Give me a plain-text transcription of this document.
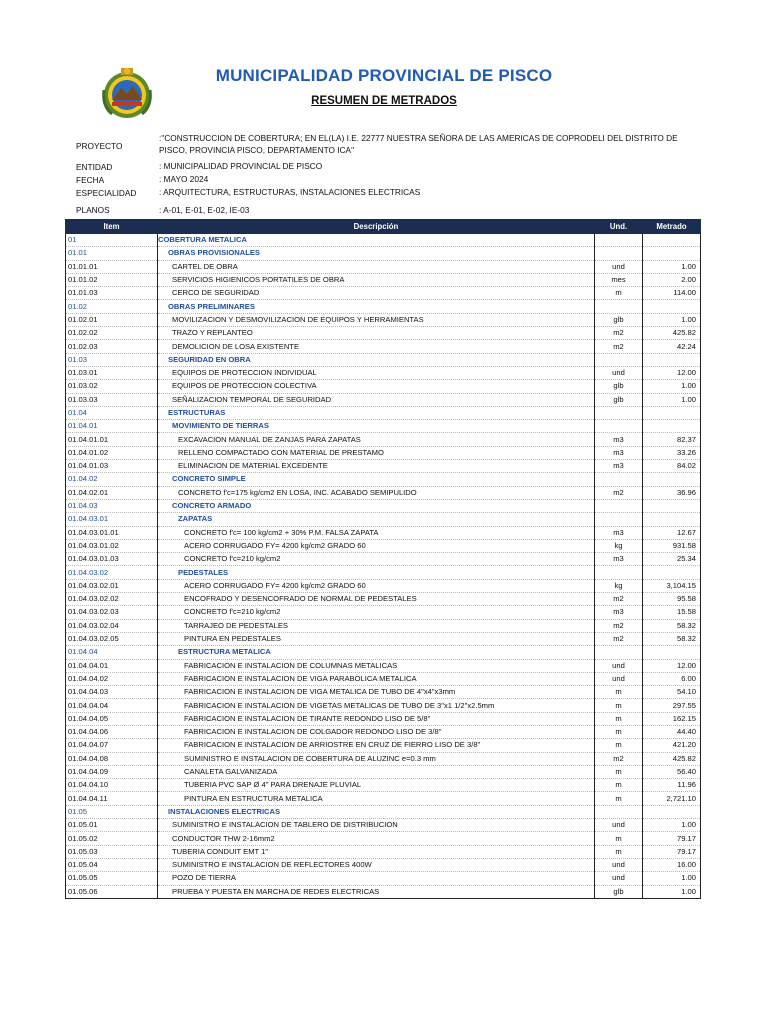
MUNICIPALIDAD PROVINCIAL DE PISCO
RESUMEN DE METRADOS
PROYECTO
:"CONSTRUCCION DE COBERTURA; EN EL(LA) I.E. 22777 NUESTRA SEÑORA DE LAS AMERICAS DE COPRODELI DEL DISTRITO DE PISCO, PROVINCIA PISCO, DEPARTAMENTO ICA"
ENTIDAD	: MUNICIPALIDAD PROVINCIAL DE PISCO
FECHA	: MAYO 2024
ESPECIALIDAD	: ARQUITECTURA, ESTRUCTURAS, INSTALACIONES ELECTRICAS
PLANOS	: A-01, E-01, E-02, IE-03
Item	Descripción	Und.	Metrado
01	COBERTURA METALICA		
01.01	OBRAS PROVISIONALES		
01.01.01	CARTEL DE OBRA	und	1.00
01.01.02	SERVICIOS HIGIENICOS PORTATILES DE OBRA	mes	2.00
01.01.03	CERCO DE SEGURIDAD	m	114.00
01.02	OBRAS PRELIMINARES		
01.02.01	MOVILIZACION Y DESMOVILIZACION DE EQUIPOS Y HERRAMIENTAS	glb	1.00
01.02.02	TRAZO Y REPLANTEO	m2	425.82
01.02.03	DEMOLICION DE LOSA EXISTENTE	m2	42.24
01.03	SEGURIDAD EN OBRA		
01.03.01	EQUIPOS DE PROTECCION INDIVIDUAL	und	12.00
01.03.02	EQUIPOS DE PROTECCION COLECTIVA	glb	1.00
01.03.03	SEÑALIZACION TEMPORAL DE SEGURIDAD	glb	1.00
01.04	ESTRUCTURAS		
01.04.01	MOVIMIENTO DE TIERRAS		
01.04.01.01	EXCAVACION MANUAL DE ZANJAS PARA ZAPATAS	m3	82.37
01.04.01.02	RELLENO COMPACTADO CON MATERIAL DE PRESTAMO	m3	33.26
01.04.01.03	ELIMINACION DE MATERIAL EXCEDENTE	m3	84.02
01.04.02	CONCRETO SIMPLE		
01.04.02.01	CONCRETO f'c=175 kg/cm2 EN LOSA, INC. ACABADO SEMIPULIDO	m2	36.96
01.04.03	CONCRETO ARMADO		
01.04.03.01	ZAPATAS		
01.04.03.01.01	CONCRETO f'c= 100 kg/cm2 + 30% P.M. FALSA ZAPATA	m3	12.67
01.04.03.01.02	ACERO CORRUGADO FY= 4200 kg/cm2 GRADO 60	kg	931.58
01.04.03.01.03	CONCRETO f'c=210 kg/cm2	m3	25.34
01.04.03.02	PEDESTALES		
01.04.03.02.01	ACERO CORRUGADO FY= 4200 kg/cm2 GRADO 60	kg	3,104.15
01.04.03.02.02	ENCOFRADO Y DESENCOFRADO DE NORMAL DE PEDESTALES	m2	95.58
01.04.03.02.03	CONCRETO f'c=210 kg/cm2	m3	15.58
01.04.03.02.04	TARRAJEO DE PEDESTALES	m2	58.32
01.04.03.02.05	PINTURA EN PEDESTALES	m2	58.32
01.04.04	ESTRUCTURA METALICA		
01.04.04.01	FABRICACION E INSTALACION DE COLUMNAS METALICAS	und	12.00
01.04.04.02	FABRICACION E INSTALACION DE VIGA PARABOLICA METALICA	und	6.00
01.04.04.03	FABRICACION E INSTALACION DE VIGA METALICA DE TUBO DE 4"x4"x3mm	m	54.10
01.04.04.04	FABRICACION E INSTALACION DE VIGETAS METALICAS DE TUBO DE 3"x1 1/2"x2.5mm	m	297.55
01.04.04.05	FABRICACION E INSTALACION DE TIRANTE REDONDO LISO DE 5/8"	m	162.15
01.04.04.06	FABRICACION E INSTALACION DE COLGADOR REDONDO LISO DE 3/8"	m	44.40
01.04.04.07	FABRICACION E INSTALACION DE ARRIOSTRE EN CRUZ DE FIERRO LISO DE 3/8"	m	421.20
01.04.04.08	SUMINISTRO E INSTALACION DE COBERTURA DE ALUZINC e=0.3 mm	m2	425.82
01.04.04.09	CANALETA GALVANIZADA	m	56.40
01.04.04.10	TUBERIA PVC SAP Ø 4" PARA DRENAJE PLUVIAL	m	11.96
01.04.04.11	PINTURA EN ESTRUCTURA METALICA	m	2,721.10
01.05	INSTALACIONES ELECTRICAS		
01.05.01	SUMINISTRO E INSTALACION DE TABLERO DE DISTRIBUCION	und	1.00
01.05.02	CONDUCTOR THW 2-16mm2	m	79.17
01.05.03	TUBERIA CONDUIT EMT 1"	m	79.17
01.05.04	SUMINISTRO E INSTALACION DE REFLECTORES 400W	und	16.00
01.05.05	POZO DE TIERRA	und	1.00
01.05.06	PRUEBA Y PUESTA EN MARCHA DE REDES ELECTRICAS	glb	1.00
